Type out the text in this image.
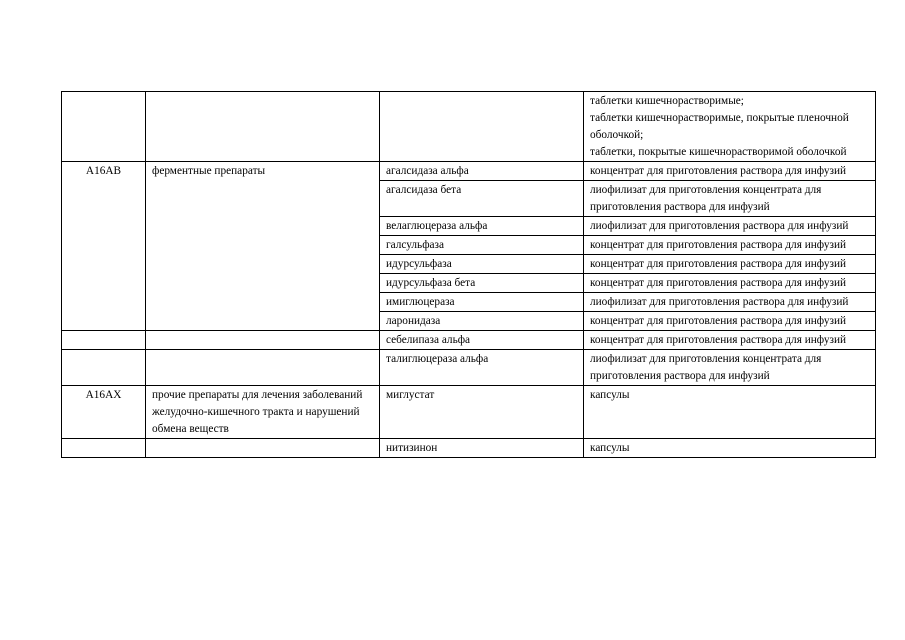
			таблетки кишечнорастворимые;
таблетки кишечнорастворимые, покрытые пленочной оболочкой;
таблетки, покрытые кишечнорастворимой оболочкой

A16AB	ферментные препараты	агалсидаза альфа	концентрат для приготовления раствора для инфузий
		агалсидаза бета	лиофилизат для приготовления концентрата для приготовления раствора для инфузий
		велаглюцераза альфа	лиофилизат для приготовления раствора для инфузий
		галсульфаза	концентрат для приготовления раствора для инфузий
		идурсульфаза	концентрат для приготовления раствора для инфузий
		идурсульфаза бета	концентрат для приготовления раствора для инфузий
		имиглюцераза	лиофилизат для приготовления раствора для инфузий
		ларонидаза	концентрат для приготовления раствора для инфузий
		себелипаза альфа	концентрат для приготовления раствора для инфузий
		талиглюцераза альфа	лиофилизат для приготовления концентрата для приготовления раствора для инфузий
A16AX	прочие препараты для лечения заболеваний желудочно-кишечного тракта и нарушений обмена веществ	миглустат	капсулы
		нитизинон	капсулы
